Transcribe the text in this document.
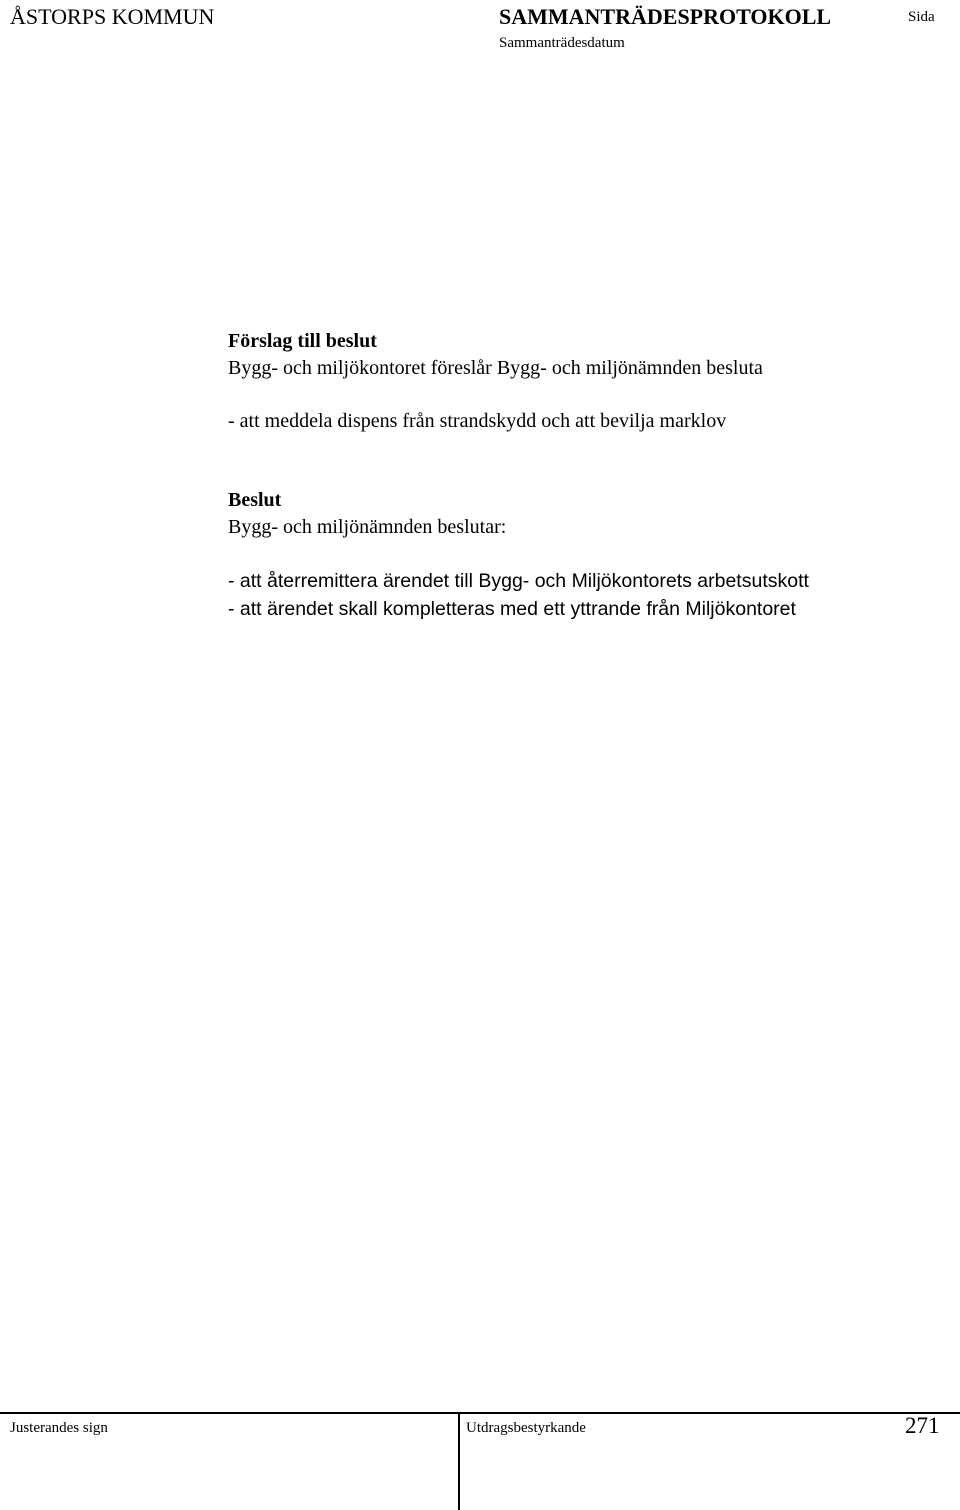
ÅSTORPS KOMMUN	SAMMANTRÄDESPROTOKOLL	Sida
Sammanträdesdatum
Förslag till beslut
Bygg- och miljökontoret föreslår Bygg- och miljönämnden besluta
- att meddela dispens från strandskydd och att bevilja marklov
Beslut
Bygg- och miljönämnden beslutar:
- att återremittera ärendet till Bygg- och Miljökontorets arbetsutskott
- att ärendet skall kompletteras med ett yttrande från Miljökontoret
Justerandes sign	Utdragsbestyrkande	271
